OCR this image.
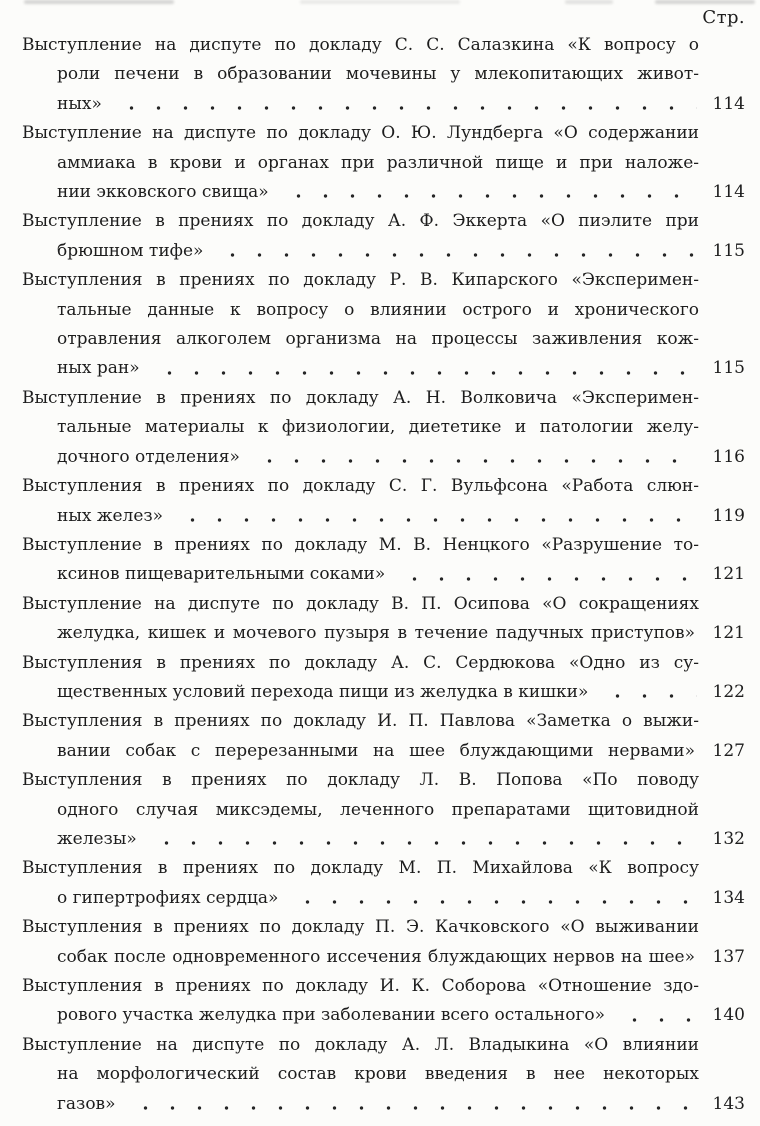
Стр.
Выступление на диспуте по докладу С. С. Салазкина «К вопросу о
роли печени в образовании мочевины у млекопитающих живот-
ных»	114
Выступление на диспуте по докладу О. Ю. Лундберга «О содержании
аммиака в крови и органах при различной пище и при наложе-
нии экковского свища»	114
Выступление в прениях по докладу А. Ф. Эккерта «О пиэлите при
брюшном тифе»	115
Выступления в прениях по докладу Р. В. Кипарского «Эксперимен-
тальные данные к вопросу о влиянии острого и хронического
отравления алкоголем организма на процессы заживления кож-
ных ран»	115
Выступление в прениях по докладу А. Н. Волковича «Эксперимен-
тальные материалы к физиологии, диететике и патологии желу-
дочного отделения»	116
Выступления в прениях по докладу С. Г. Вульфсона «Работа слюн-
ных желез»	119
Выступление в прениях по докладу М. В. Ненцкого «Разрушение то-
ксинов пищеварительными соками»	121
Выступление на диспуте по докладу В. П. Осипова «О сокращениях
желудка, кишек и мочевого пузыря в течение падучных приступов»	121
Выступления в прениях по докладу А. С. Сердюкова «Одно из су-
щественных условий перехода пищи из желудка в кишки»	122
Выступления в прениях по докладу И. П. Павлова «Заметка о выжи-
вании собак с перерезанными на шее блуждающими нервами»	127
Выступления в прениях по докладу Л. В. Попова «По поводу
одного случая миксэдемы, леченного препаратами щитовидной
железы»	132
Выступления в прениях по докладу М. П. Михайлова «К вопросу
о гипертрофиях сердца»	134
Выступления в прениях по докладу П. Э. Качковского «О выживании
собак после одновременного иссечения блуждающих нервов на шее»	137
Выступления в прениях по докладу И. К. Соборова «Отношение здо-
рового участка желудка при заболевании всего остального»	140
Выступление на диспуте по докладу А. Л. Владыкина «О влиянии
на морфологический состав крови введения в нее некоторых
газов»	143
